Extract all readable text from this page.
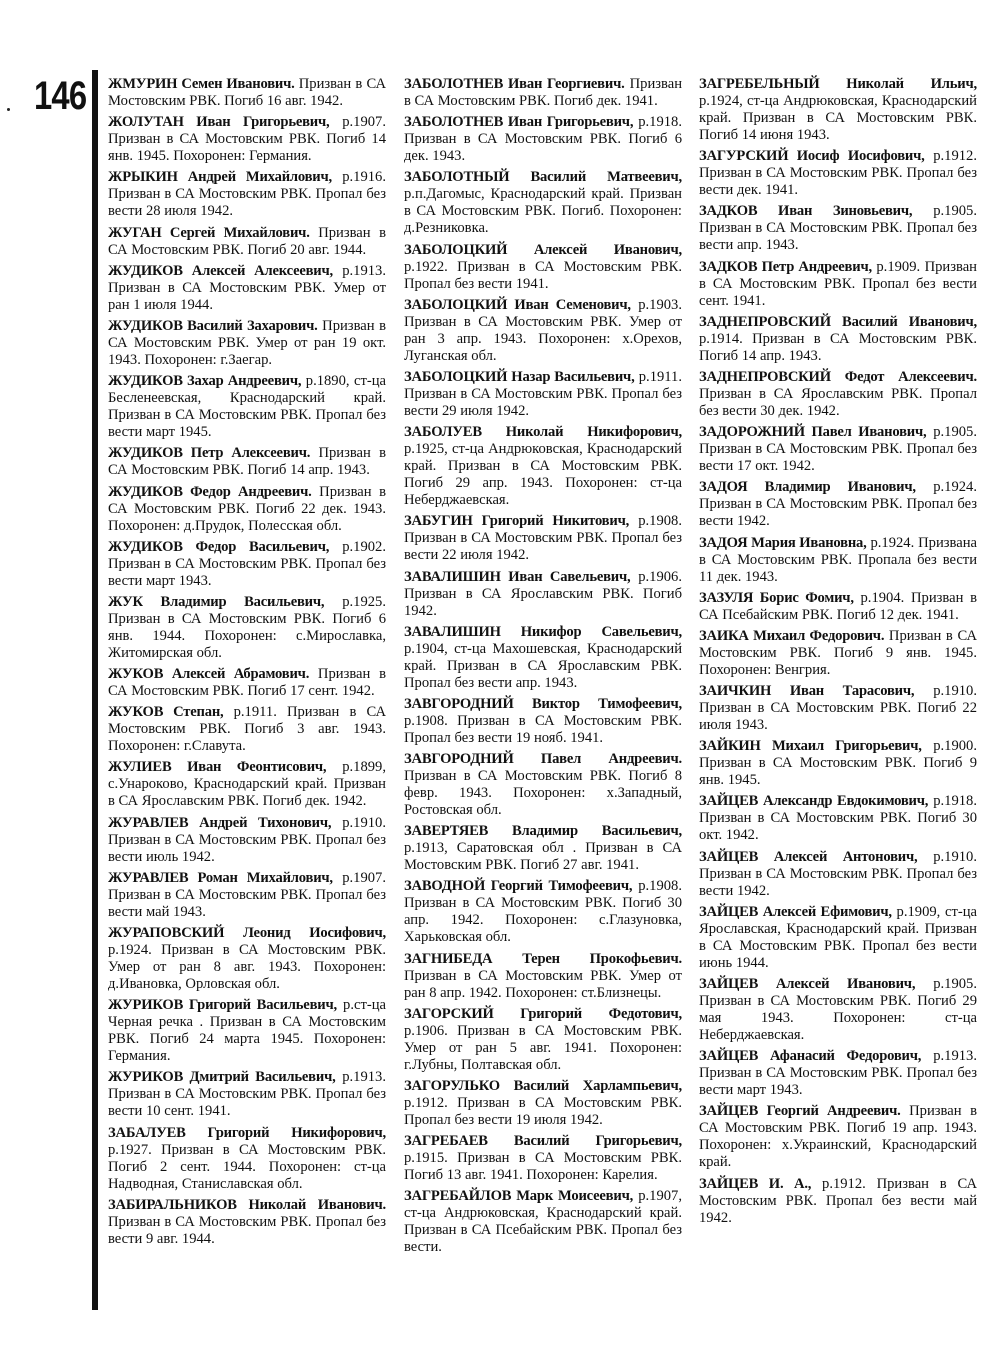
146 ЖМУРИН Семен Иванович. Призван в СА Мостовским РВК. Погиб 16 авг. 1942.

ЖОЛУТАН Иван Григорьевич, р.1907. Призван в СА Мостовским РВК. Погиб 14 янв. 1945. Похоронен: Германия.

ЖРЫКИН Андрей Михайлович, р.1916. Призван в СА Мостовским РВК. Пропал без вести 28 июля 1942.

ЖУГАН Сергей Михайлович. Призван в СА Мостовским РВК. Погиб 20 авг. 1944.

ЖУДИКОВ Алексей Алексеевич, р.1913. Призван в СА Мостовским РВК. Умер от ран 1 июля 1944.

ЖУДИКОВ Василий Захарович. Призван в СА Мостовским РВК. Умер от ран 19 окт. 1943. Похоронен: г.Заегар.

ЖУДИКОВ Захар Андреевич, р.1890, ст-ца Бесленеевская, Краснодарский край. Призван в СА Мостовским РВК. Пропал без вести март 1945.

ЖУДИКОВ Петр Алексеевич. Призван в СА Мостовским РВК. Погиб 14 апр. 1943.

ЖУДИКОВ Федор Андреевич. Призван в СА Мостовским РВК. Погиб 22 дек. 1943. Похоронен: д.Прудок, Полесская обл.

ЖУДИКОВ Федор Васильевич, р.1902. Призван в СА Мостовским РВК. Пропал без вести март 1943.

ЖУК Владимир Васильевич, р.1925. Призван в СА Мостовским РВК. Погиб 6 янв. 1944. Похоронен: с.Мирославка, Житомирская обл.

ЖУКОВ Алексей Абрамович. Призван в СА Мостовским РВК. Погиб 17 сент. 1942.

ЖУКОВ Степан, р.1911. Призван в СА Мостовским РВК. Погиб 3 авг. 1943. Похоронен: г.Славута.

ЖУЛИЕВ Иван Феонтисович, р.1899, с.Унароково, Краснодарский край. Призван в СА Ярославским РВК. Погиб дек. 1942.

ЖУРАВЛЕВ Андрей Тихонович, р.1910. Призван в СА Мостовским РВК. Пропал без вести июль 1942.

ЖУРАВЛЕВ Роман Михайлович, р.1907. Призван в СА Мостовским РВК. Пропал без вести май 1943.

ЖУРАПОВСКИЙ Леонид Иосифович, р.1924. Призван в СА Мостовским РВК. Умер от ран 8 авг. 1943. Похоронен: д.Ивановка, Орловская обл.

ЖУРИКОВ Григорий Васильевич, р.ст-ца Черная речка . Призван в СА Мостовским РВК. Погиб 24 марта 1945. Похоронен: Германия.

ЖУРИКОВ Дмитрий Васильевич, р.1913. Призван в СА Мостовским РВК. Пропал без вести 10 сент. 1941.

ЗАБАЛУЕВ Григорий Никифорович, р.1927. Призван в СА Мостовским РВК. Погиб 2 сент. 1944. Похоронен: ст-ца Надводная, Станиславская обл.

ЗАБИРАЛЬНИКОВ Николай Иванович. Призван в СА Мостовским РВК. Пропал без вести 9 авг. 1944.

ЗАБОЛОТНЕВ Иван Георгиевич. Призван в СА Мостовским РВК. Погиб дек. 1941.

ЗАБОЛОТНЕВ Иван Григорьевич, р.1918. Призван в СА Мостовским РВК. Погиб 6 дек. 1943.

ЗАБОЛОТНЫЙ Василий Матвеевич, р.п.Дагомыс, Краснодарский край. Призван в СА Мостовским РВК. Погиб. Похоронен: д.Резниковка.

ЗАБОЛОЦКИЙ Алексей Иванович, р.1922. Призван в СА Мостовским РВК. Пропал без вести 1941.

ЗАБОЛОЦКИЙ Иван Семенович, р.1903. Призван в СА Мостовским РВК. Умер от ран 3 апр. 1943. Похоронен: х.Орехов, Луганская обл.

ЗАБОЛОЦКИЙ Назар Васильевич, р.1911. Призван в СА Мостовским РВК. Пропал без вести 29 июля 1942.

ЗАБОЛУЕВ Николай Никифорович, р.1925, ст-ца Андрюковская, Краснодарский край. Призван в СА Мостовским РВК. Погиб 29 апр. 1943. Похоронен: ст-ца Неберджаевская.

ЗАБУГИН Григорий Никитович, р.1908. Призван в СА Мостовским РВК. Пропал без вести 22 июля 1942.

ЗАВАЛИШИН Иван Савельевич, р.1906. Призван в СА Ярославским РВК. Погиб 1942.

ЗАВАЛИШИН Никифор Савельевич, р.1904, ст-ца Махошевская, Краснодарский край. Призван в СА Ярославским РВК. Пропал без вести апр. 1943.

ЗАВГОРОДНИЙ Виктор Тимофеевич, р.1908. Призван в СА Мостовским РВК. Пропал без вести 19 нояб. 1941.

ЗАВГОРОДНИЙ Павел Андреевич. Призван в СА Мостовским РВК. Погиб 8 февр. 1943. Похоронен: х.Западный, Ростовская обл.

ЗАВЕРТЯЕВ Владимир Васильевич, р.1913, Саратовская обл . Призван в СА Мостовским РВК. Погиб 27 авг. 1941.

ЗАВОДНОЙ Георгий Тимофеевич, р.1908. Призван в СА Мостовским РВК. Погиб 30 апр. 1942. Похоронен: с.Глазуновка, Харьковская обл.

ЗАГНИБЕДА Терен Прокофьевич. Призван в СА Мостовским РВК. Умер от ран 8 апр. 1942. Похоронен: ст.Близнецы.

ЗАГОРСКИЙ Григорий Федотович, р.1906. Призван в СА Мостовским РВК. Умер от ран 5 авг. 1941. Похоронен: г.Лубны, Полтавская обл.

ЗАГОРУЛЬКО Василий Харлампьевич, р.1912. Призван в СА Мостовским РВК. Пропал без вести 19 июля 1942.

ЗАГРЕБАЕВ Василий Григорьевич, р.1915. Призван в СА Мостовским РВК. Погиб 13 авг. 1941. Похоронен: Карелия.

ЗАГРЕБАЙЛОВ Марк Моисеевич, р.1907, ст-ца Андрюковская, Краснодарский край. Призван в СА Псебайским РВК. Пропал без вести.

ЗАГРЕБЕЛЬНЫЙ Николай Ильич, р.1924, ст-ца Андрюковская, Краснодарский край. Призван в СА Мостовским РВК. Погиб 14 июня 1943.

ЗАГУРСКИЙ Иосиф Иосифович, р.1912. Призван в СА Мостовским РВК. Пропал без вести дек. 1941.

ЗАДКОВ Иван Зиновьевич, р.1905. Призван в СА Мостовским РВК. Пропал без вести апр. 1943.

ЗАДКОВ Петр Андреевич, р.1909. Призван в СА Мостовским РВК. Пропал без вести сент. 1941.

ЗАДНЕПРОВСКИЙ Василий Иванович, р.1914. Призван в СА Мостовским РВК. Погиб 14 апр. 1943.

ЗАДНЕПРОВСКИЙ Федот Алексеевич. Призван в СА Ярославским РВК. Пропал без вести 30 дек. 1942.

ЗАДОРОЖНИЙ Павел Иванович, р.1905. Призван в СА Мостовским РВК. Пропал без вести 17 окт. 1942.

ЗАДОЯ Владимир Иванович, р.1924. Призван в СА Мостовским РВК. Пропал без вести 1942.

ЗАДОЯ Мария Ивановна, р.1924. Призвана в СА Мостовским РВК. Пропала без вести 11 дек. 1943.

ЗАЗУЛЯ Борис Фомич, р.1904. Призван в СА Псебайским РВК. Погиб 12 дек. 1941.

ЗАИКА Михаил Федорович. Призван в СА Мостовским РВК. Погиб 9 янв. 1945. Похоронен: Венгрия.

ЗАИЧКИН Иван Тарасович, р.1910. Призван в СА Мостовским РВК. Погиб 22 июля 1943.

ЗАЙКИН Михаил Григорьевич, р.1900. Призван в СА Мостовским РВК. Погиб 9 янв. 1945.

ЗАЙЦЕВ Александр Евдокимович, р.1918. Призван в СА Мостовским РВК. Погиб 30 окт. 1942.

ЗАЙЦЕВ Алексей Антонович, р.1910. Призван в СА Мостовским РВК. Пропал без вести 1942.

ЗАЙЦЕВ Алексей Ефимович, р.1909, ст-ца Ярославская, Краснодарский край. Призван в СА Мостовским РВК. Пропал без вести июнь 1944.

ЗАЙЦЕВ Алексей Иванович, р.1905. Призван в СА Мостовским РВК. Погиб 29 мая 1943. Похоронен: ст-ца Неберджаевская.

ЗАЙЦЕВ Афанасий Федорович, р.1913. Призван в СА Мостовским РВК. Пропал без вести март 1943.

ЗАЙЦЕВ Георгий Андреевич. Призван в СА Мостовским РВК. Погиб 19 апр. 1943. Похоронен: х.Украинский, Краснодарский край.

ЗАЙЦЕВ И. А., р.1912. Призван в СА Мостовским РВК. Пропал без вести май 1942.
